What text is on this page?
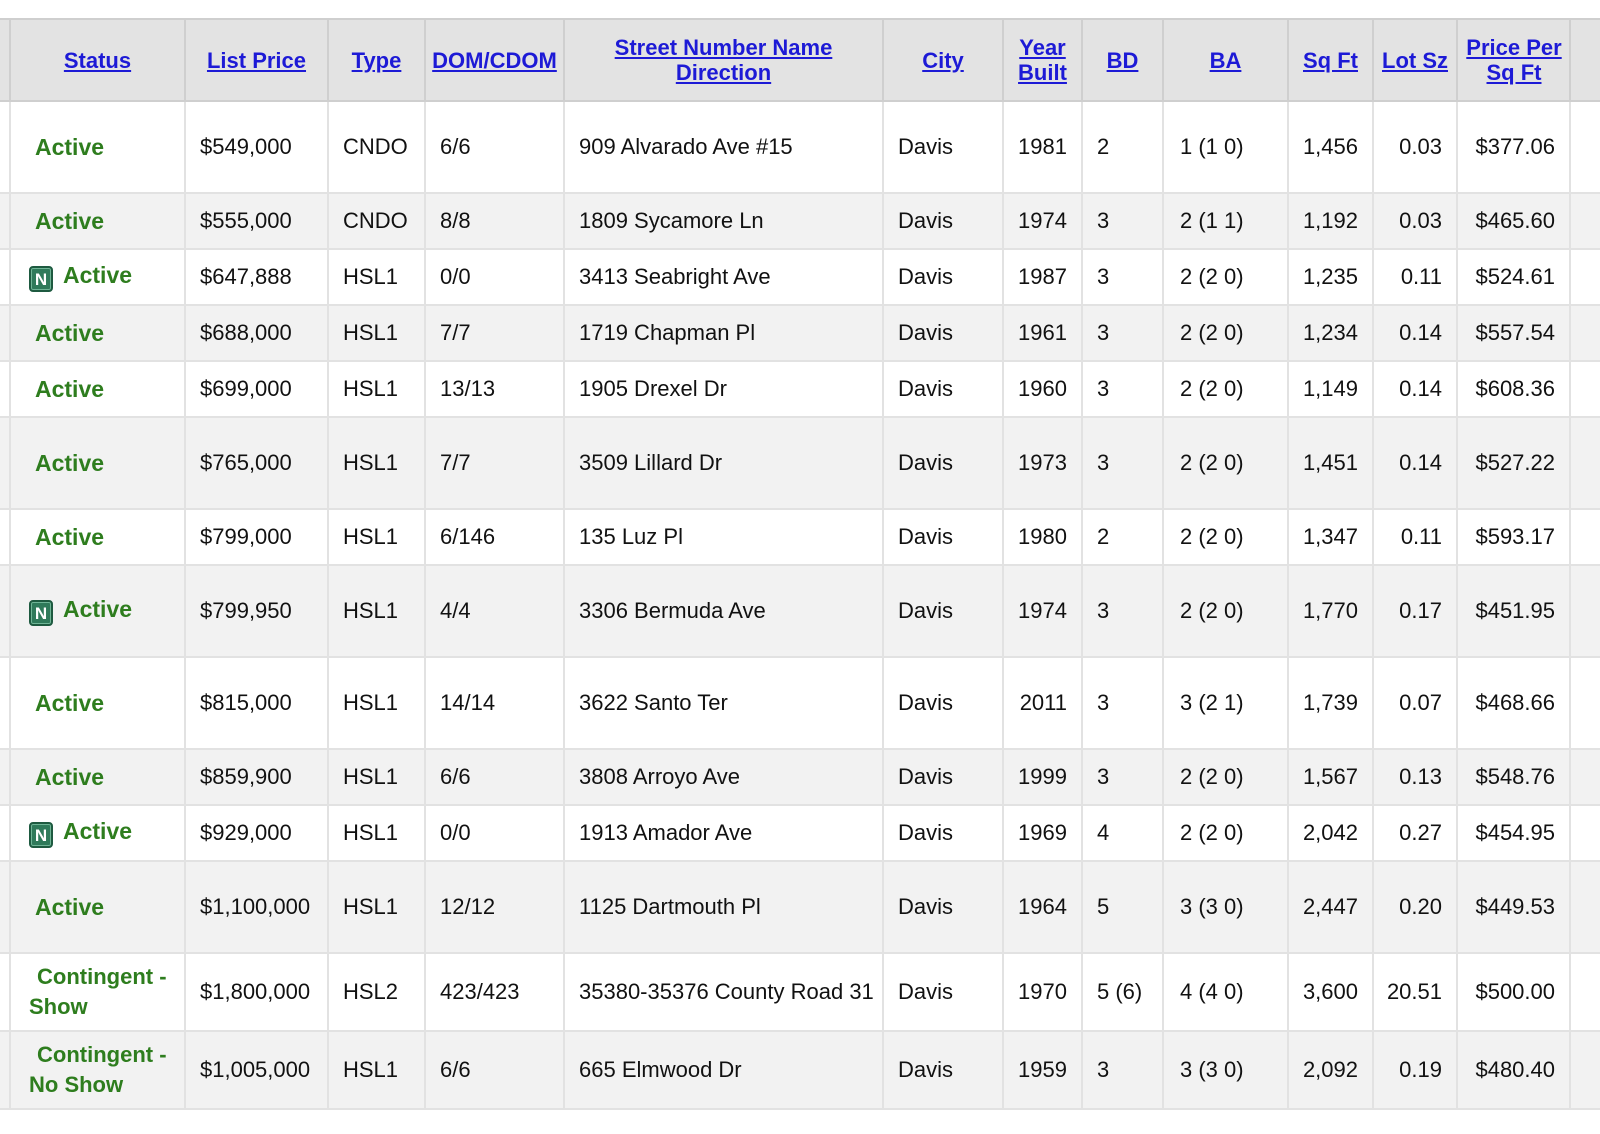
	Status	List Price	Type	DOM/CDOM	Street Number Name Direction	City	Year Built	BD	BA	Sq Ft	Lot Sz	Price Per Sq Ft	
	Active	$549,000	CNDO	6/6	909 Alvarado Ave #15	Davis	1981	2	1 (1 0)	1,456	0.03	$377.06	
	Active	$555,000	CNDO	8/8	1809 Sycamore Ln	Davis	1974	3	2 (1 1)	1,192	0.03	$465.60	
	N Active	$647,888	HSL1	0/0	3413 Seabright Ave	Davis	1987	3	2 (2 0)	1,235	0.11	$524.61	
	Active	$688,000	HSL1	7/7	1719 Chapman Pl	Davis	1961	3	2 (2 0)	1,234	0.14	$557.54	
	Active	$699,000	HSL1	13/13	1905 Drexel Dr	Davis	1960	3	2 (2 0)	1,149	0.14	$608.36	
	Active	$765,000	HSL1	7/7	3509 Lillard Dr	Davis	1973	3	2 (2 0)	1,451	0.14	$527.22	
	Active	$799,000	HSL1	6/146	135 Luz Pl	Davis	1980	2	2 (2 0)	1,347	0.11	$593.17	
	N Active	$799,950	HSL1	4/4	3306 Bermuda Ave	Davis	1974	3	2 (2 0)	1,770	0.17	$451.95	
	Active	$815,000	HSL1	14/14	3622 Santo Ter	Davis	2011	3	3 (2 1)	1,739	0.07	$468.66	
	Active	$859,900	HSL1	6/6	3808 Arroyo Ave	Davis	1999	3	2 (2 0)	1,567	0.13	$548.76	
	N Active	$929,000	HSL1	0/0	1913 Amador Ave	Davis	1969	4	2 (2 0)	2,042	0.27	$454.95	
	Active	$1,100,000	HSL1	12/12	1125 Dartmouth Pl	Davis	1964	5	3 (3 0)	2,447	0.20	$449.53	

	Contingent - Show	$1,800,000	HSL2	423/423	35380-35376 County Road 31	Davis	1970	5 (6)	4 (4 0)	3,600	20.51	$500.00	

	Contingent - No Show	$1,005,000	HSL1	6/6	665 Elmwood Dr	Davis	1959	3	3 (3 0)	2,092	0.19	$480.40	
